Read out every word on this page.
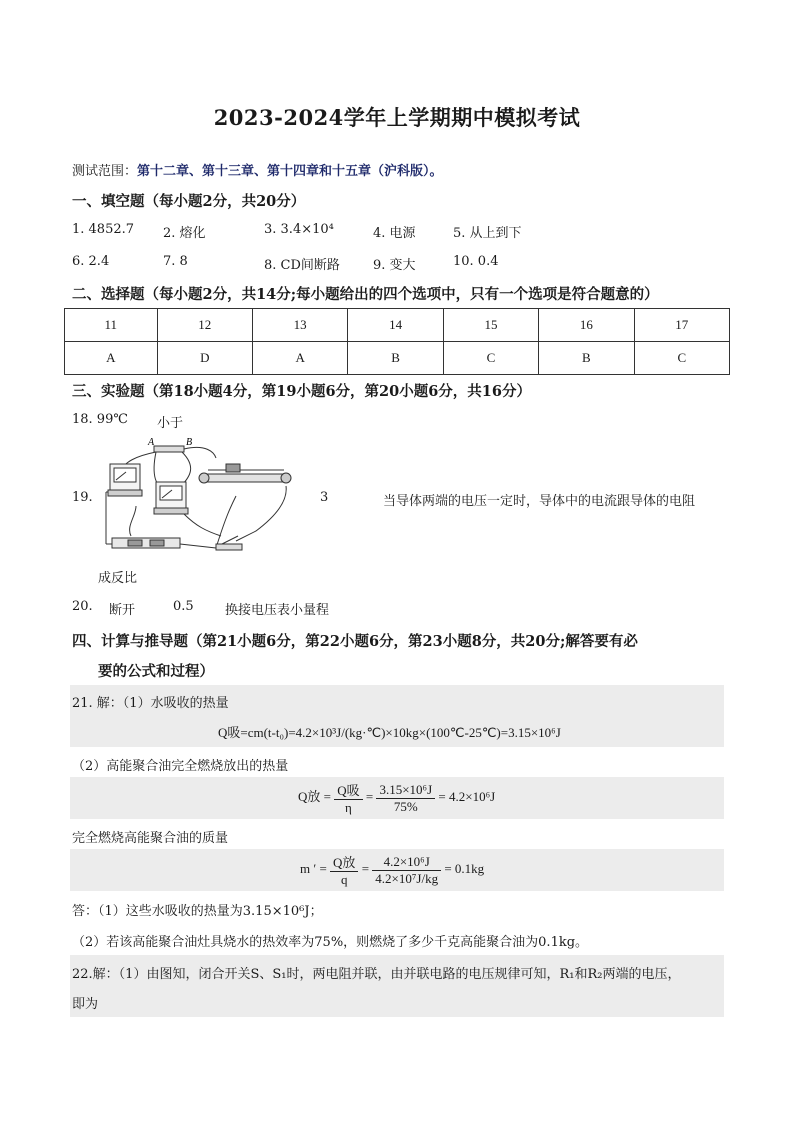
2023-2024学年上学期期中模拟考试
测试范围：第十二章、第十三章、第十四章和十五章（沪科版）。
一、填空题（每小题2分，共20分）
1. 4852.7 2. 熔化	3. 3.4×10⁴	4. 电源	5. 从上到下
6. 2.4	7. 8	8. CD间断路	9. 变大	10. 0.4
二、选择题（每小题2分，共14分;每小题给出的四个选项中，只有一个选项是符合题意的）
11	12	13	14	15	16	17
A	D	A	B	C	B	C
三、实验题（第18小题4分，第19小题6分，第20小题6分，共16分）
18. 99℃ 小于
19.
A	B
3	当导体两端的电压一定时，导体中的电流跟导体的电阻
成反比
20. 断开	0.5 换接电压表小量程
四、计算与推导题（第21小题6分，第22小题6分，第23小题8分，共20分;解答要有必
要的公式和过程）
21. 解：（1）水吸收的热量
Q吸=cm(t-t₀)=4.2×10³J/(kg·℃)×10kg×(100℃-25℃)=3.15×10⁶J
（2）高能聚合油完全燃烧放出的热量
Q放 = $\frac{\text{Q吸}}{\eta} = \frac{\text{3.15×10⁶J}}{75\%} = 4.2\times 10^6J$
完全燃烧高能聚合油的质量
m ′ = $\frac{\text{Q放}}{q} = \frac{\text{4.2×10⁶J}}{\text{4.2×10⁷J/kg}} = 0.1kg$
答：（1）这些水吸收的热量为3.15×10⁶J；
（2）若该高能聚合油灶具烧水的热效率为75%，则燃烧了多少千克高能聚合油为0.1kg。
22.解：（1）由图知，闭合开关S、S₁时，两电阻并联，由并联电路的电压规律可知，R₁和R₂两端的电压，
即为
